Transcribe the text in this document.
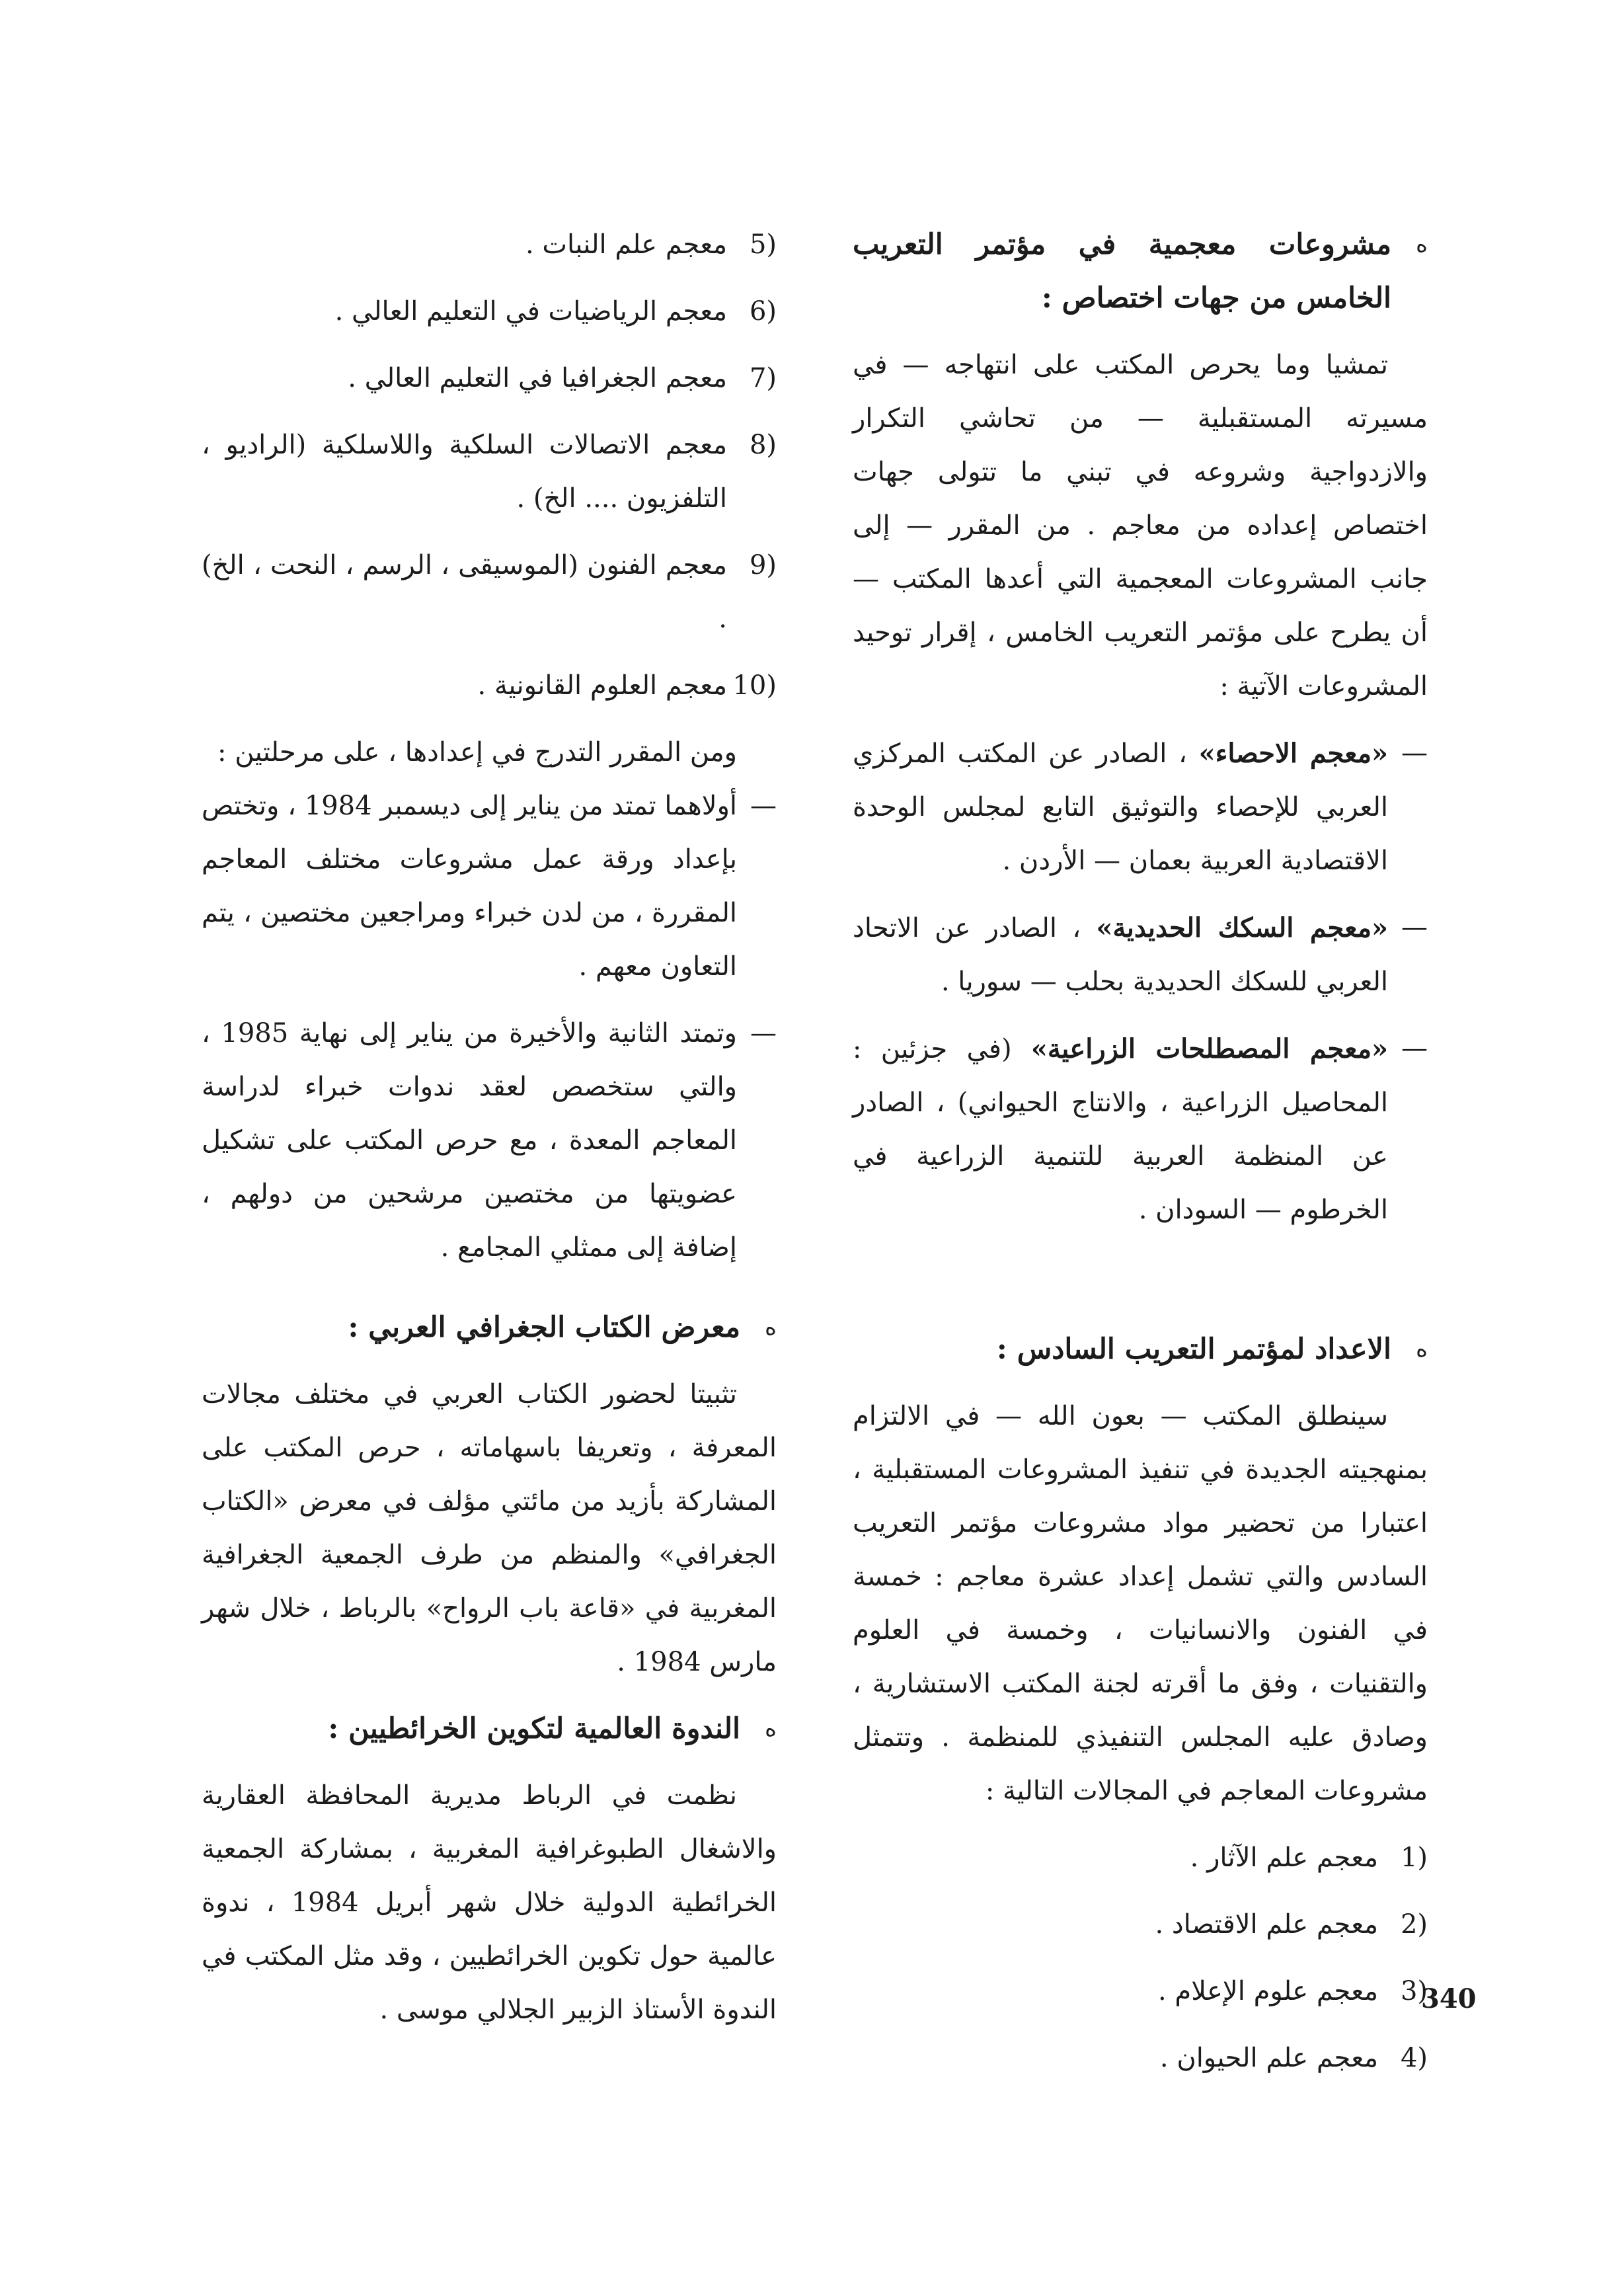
ە
مشروعات معجمية في مؤتمر التعريب الخامس من جهات اختصاص :

تمشيا وما يحرص المكتب على انتهاجه — في مسيرته المستقبلية — من تحاشي التكرار والازدواجية وشروعه في تبني ما تتولى جهات اختصاص إعداده من معاجم . من المقرر — إلى جانب المشروعات المعجمية التي أعدها المكتب — أن يطرح على مؤتمر التعريب الخامس ، إقرار توحيد المشروعات الآتية :

—
«معجم الاحصاء» ، الصادر عن المكتب المركزي العربي للإحصاء والتوثيق التابع لمجلس الوحدة الاقتصادية العربية بعمان — الأردن .

—
«معجم السكك الحديدية» ، الصادر عن الاتحاد العربي للسكك الحديدية بحلب — سوريا .

—
«معجم المصطلحات الزراعية» (في جزئين : المحاصيل الزراعية ، والانتاج الحيواني) ، الصادر عن المنظمة العربية للتنمية الزراعية في الخرطوم — السودان .

ە
الاعداد لمؤتمر التعريب السادس :

سينطلق المكتب — بعون الله — في الالتزام بمنهجيته الجديدة في تنفيذ المشروعات المستقبلية ، اعتبارا من تحضير مواد مشروعات مؤتمر التعريب السادس والتي تشمل إعداد عشرة معاجم : خمسة في الفنون والانسانيات ، وخمسة في العلوم والتقنيات ، وفق ما أقرته لجنة المكتب الاستشارية ، وصادق عليه المجلس التنفيذي للمنظمة . وتتمثل مشروعات المعاجم في المجالات التالية :

1)
معجم علم الآثار .

2)
معجم علم الاقتصاد .

3)
معجم علوم الإعلام .

4)
معجم علم الحيوان .

5)
معجم علم النبات .

6)
معجم الرياضيات في التعليم العالي .

7)
معجم الجغرافيا في التعليم العالي .

8)
معجم الاتصالات السلكية واللاسلكية (الراديو ، التلفزيون .... الخ) .

9)
معجم الفنون (الموسيقى ، الرسم ، النحت ، الخ) .

10)
معجم العلوم القانونية .

ومن المقرر التدرج في إعدادها ، على مرحلتين :

—
أولاهما تمتد من يناير إلى ديسمبر 1984 ، وتختص بإعداد ورقة عمل مشروعات مختلف المعاجم المقررة ، من لدن خبراء ومراجعين مختصين ، يتم التعاون معهم .

—
وتمتد الثانية والأخيرة من يناير إلى نهاية 1985 ، والتي ستخصص لعقد ندوات خبراء لدراسة المعاجم المعدة ، مع حرص المكتب على تشكيل عضويتها من مختصين مرشحين من دولهم ، إضافة إلى ممثلي المجامع .

ە
معرض الكتاب الجغرافي العربي :

تثبيتا لحضور الكتاب العربي في مختلف مجالات المعرفة ، وتعريفا باسهاماته ، حرص المكتب على المشاركة بأزيد من مائتي مؤلف في معرض «الكتاب الجغرافي» والمنظم من طرف الجمعية الجغرافية المغربية في «قاعة باب الرواح» بالرباط ، خلال شهر مارس 1984 .

ە
الندوة العالمية لتكوين الخرائطيين :

نظمت في الرباط مديرية المحافظة العقارية والاشغال الطبوغرافية المغربية ، بمشاركة الجمعية الخرائطية الدولية خلال شهر أبريل 1984 ، ندوة عالمية حول تكوين الخرائطيين ، وقد مثل المكتب في الندوة الأستاذ الزبير الجلالي موسى .	340
